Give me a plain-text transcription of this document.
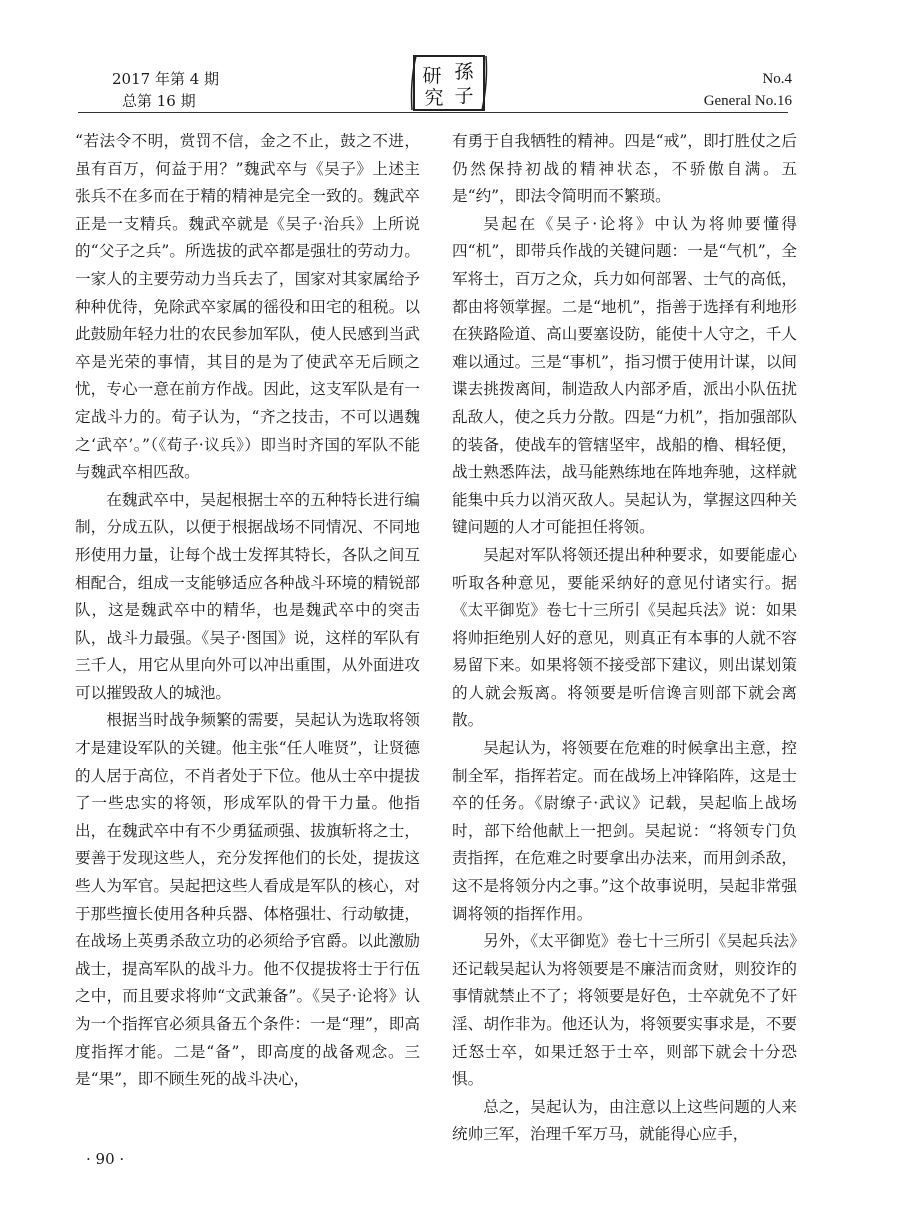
2017 年第 4 期
总第 16 期
研 孫
究 子
No.4
General No.16

“若法令不明，赏罚不信，金之不止，鼓之不进，虽有百万，何益于用？”魏武卒与《吴子》上述主张兵不在多而在于精的精神是完全一致的。魏武卒正是一支精兵。魏武卒就是《吴子·治兵》上所说的“父子之兵”。所选拔的武卒都是强壮的劳动力。一家人的主要劳动力当兵去了，国家对其家属给予种种优待，免除武卒家属的徭役和田宅的租税。以此鼓励年轻力壮的农民参加军队，使人民感到当武卒是光荣的事情，其目的是为了使武卒无后顾之忧，专心一意在前方作战。因此，这支军队是有一定战斗力的。荀子认为，“齐之技击，不可以遇魏之‘武卒’。”（《荀子·议兵》）即当时齐国的军队不能与魏武卒相匹敌。

在魏武卒中，吴起根据士卒的五种特长进行编制，分成五队，以便于根据战场不同情况、不同地形使用力量，让每个战士发挥其特长，各队之间互相配合，组成一支能够适应各种战斗环境的精锐部队，这是魏武卒中的精华，也是魏武卒中的突击队，战斗力最强。《吴子·图国》说，这样的军队有三千人，用它从里向外可以冲出重围，从外面进攻可以摧毁敌人的城池。

根据当时战争频繁的需要，吴起认为选取将领才是建设军队的关键。他主张“任人唯贤”，让贤德的人居于高位，不肖者处于下位。他从士卒中提拔了一些忠实的将领，形成军队的骨干力量。他指出，在魏武卒中有不少勇猛顽强、拔旗斩将之士，要善于发现这些人，充分发挥他们的长处，提拔这些人为军官。吴起把这些人看成是军队的核心，对于那些擅长使用各种兵器、体格强壮、行动敏捷，在战场上英勇杀敌立功的必须给予官爵。以此激励战士，提高军队的战斗力。他不仅提拔将士于行伍之中，而且要求将帅“文武兼备”。《吴子·论将》认为一个指挥官必须具备五个条件：一是“理”，即高度指挥才能。二是“备”，即高度的战备观念。三是“果”，即不顾生死的战斗决心，

有勇于自我牺牲的精神。四是“戒”，即打胜仗之后仍然保持初战的精神状态，不骄傲自满。五是“约”，即法令简明而不繁琐。

吴起在《吴子·论将》中认为将帅要懂得四“机”，即带兵作战的关键问题：一是“气机”，全军将士，百万之众，兵力如何部署、士气的高低，都由将领掌握。二是“地机”，指善于选择有利地形在狭路险道、高山要塞设防，能使十人守之，千人难以通过。三是“事机”，指习惯于使用计谋，以间谍去挑拨离间，制造敌人内部矛盾，派出小队伍扰乱敌人，使之兵力分散。四是“力机”，指加强部队的装备，使战车的管辖坚牢，战船的橹、楫轻便，战士熟悉阵法，战马能熟练地在阵地奔驰，这样就能集中兵力以消灭敌人。吴起认为，掌握这四种关键问题的人才可能担任将领。

吴起对军队将领还提出种种要求，如要能虚心听取各种意见，要能采纳好的意见付诸实行。据《太平御览》卷七十三所引《吴起兵法》说：如果将帅拒绝别人好的意见，则真正有本事的人就不容易留下来。如果将领不接受部下建议，则出谋划策的人就会叛离。将领要是听信谗言则部下就会离散。

吴起认为，将领要在危难的时候拿出主意，控制全军，指挥若定。而在战场上冲锋陷阵，这是士卒的任务。《尉缭子·武议》记载，吴起临上战场时，部下给他献上一把剑。吴起说：“将领专门负责指挥，在危难之时要拿出办法来，而用剑杀敌，这不是将领分内之事。”这个故事说明，吴起非常强调将领的指挥作用。

另外，《太平御览》卷七十三所引《吴起兵法》还记载吴起认为将领要是不廉洁而贪财，则狡诈的事情就禁止不了；将领要是好色，士卒就免不了奸淫、胡作非为。他还认为，将领要实事求是，不要迁怒士卒，如果迁怒于士卒，则部下就会十分恐惧。

总之，吴起认为，由注意以上这些问题的人来统帅三军，治理千军万马，就能得心应手，

· 90 ·
